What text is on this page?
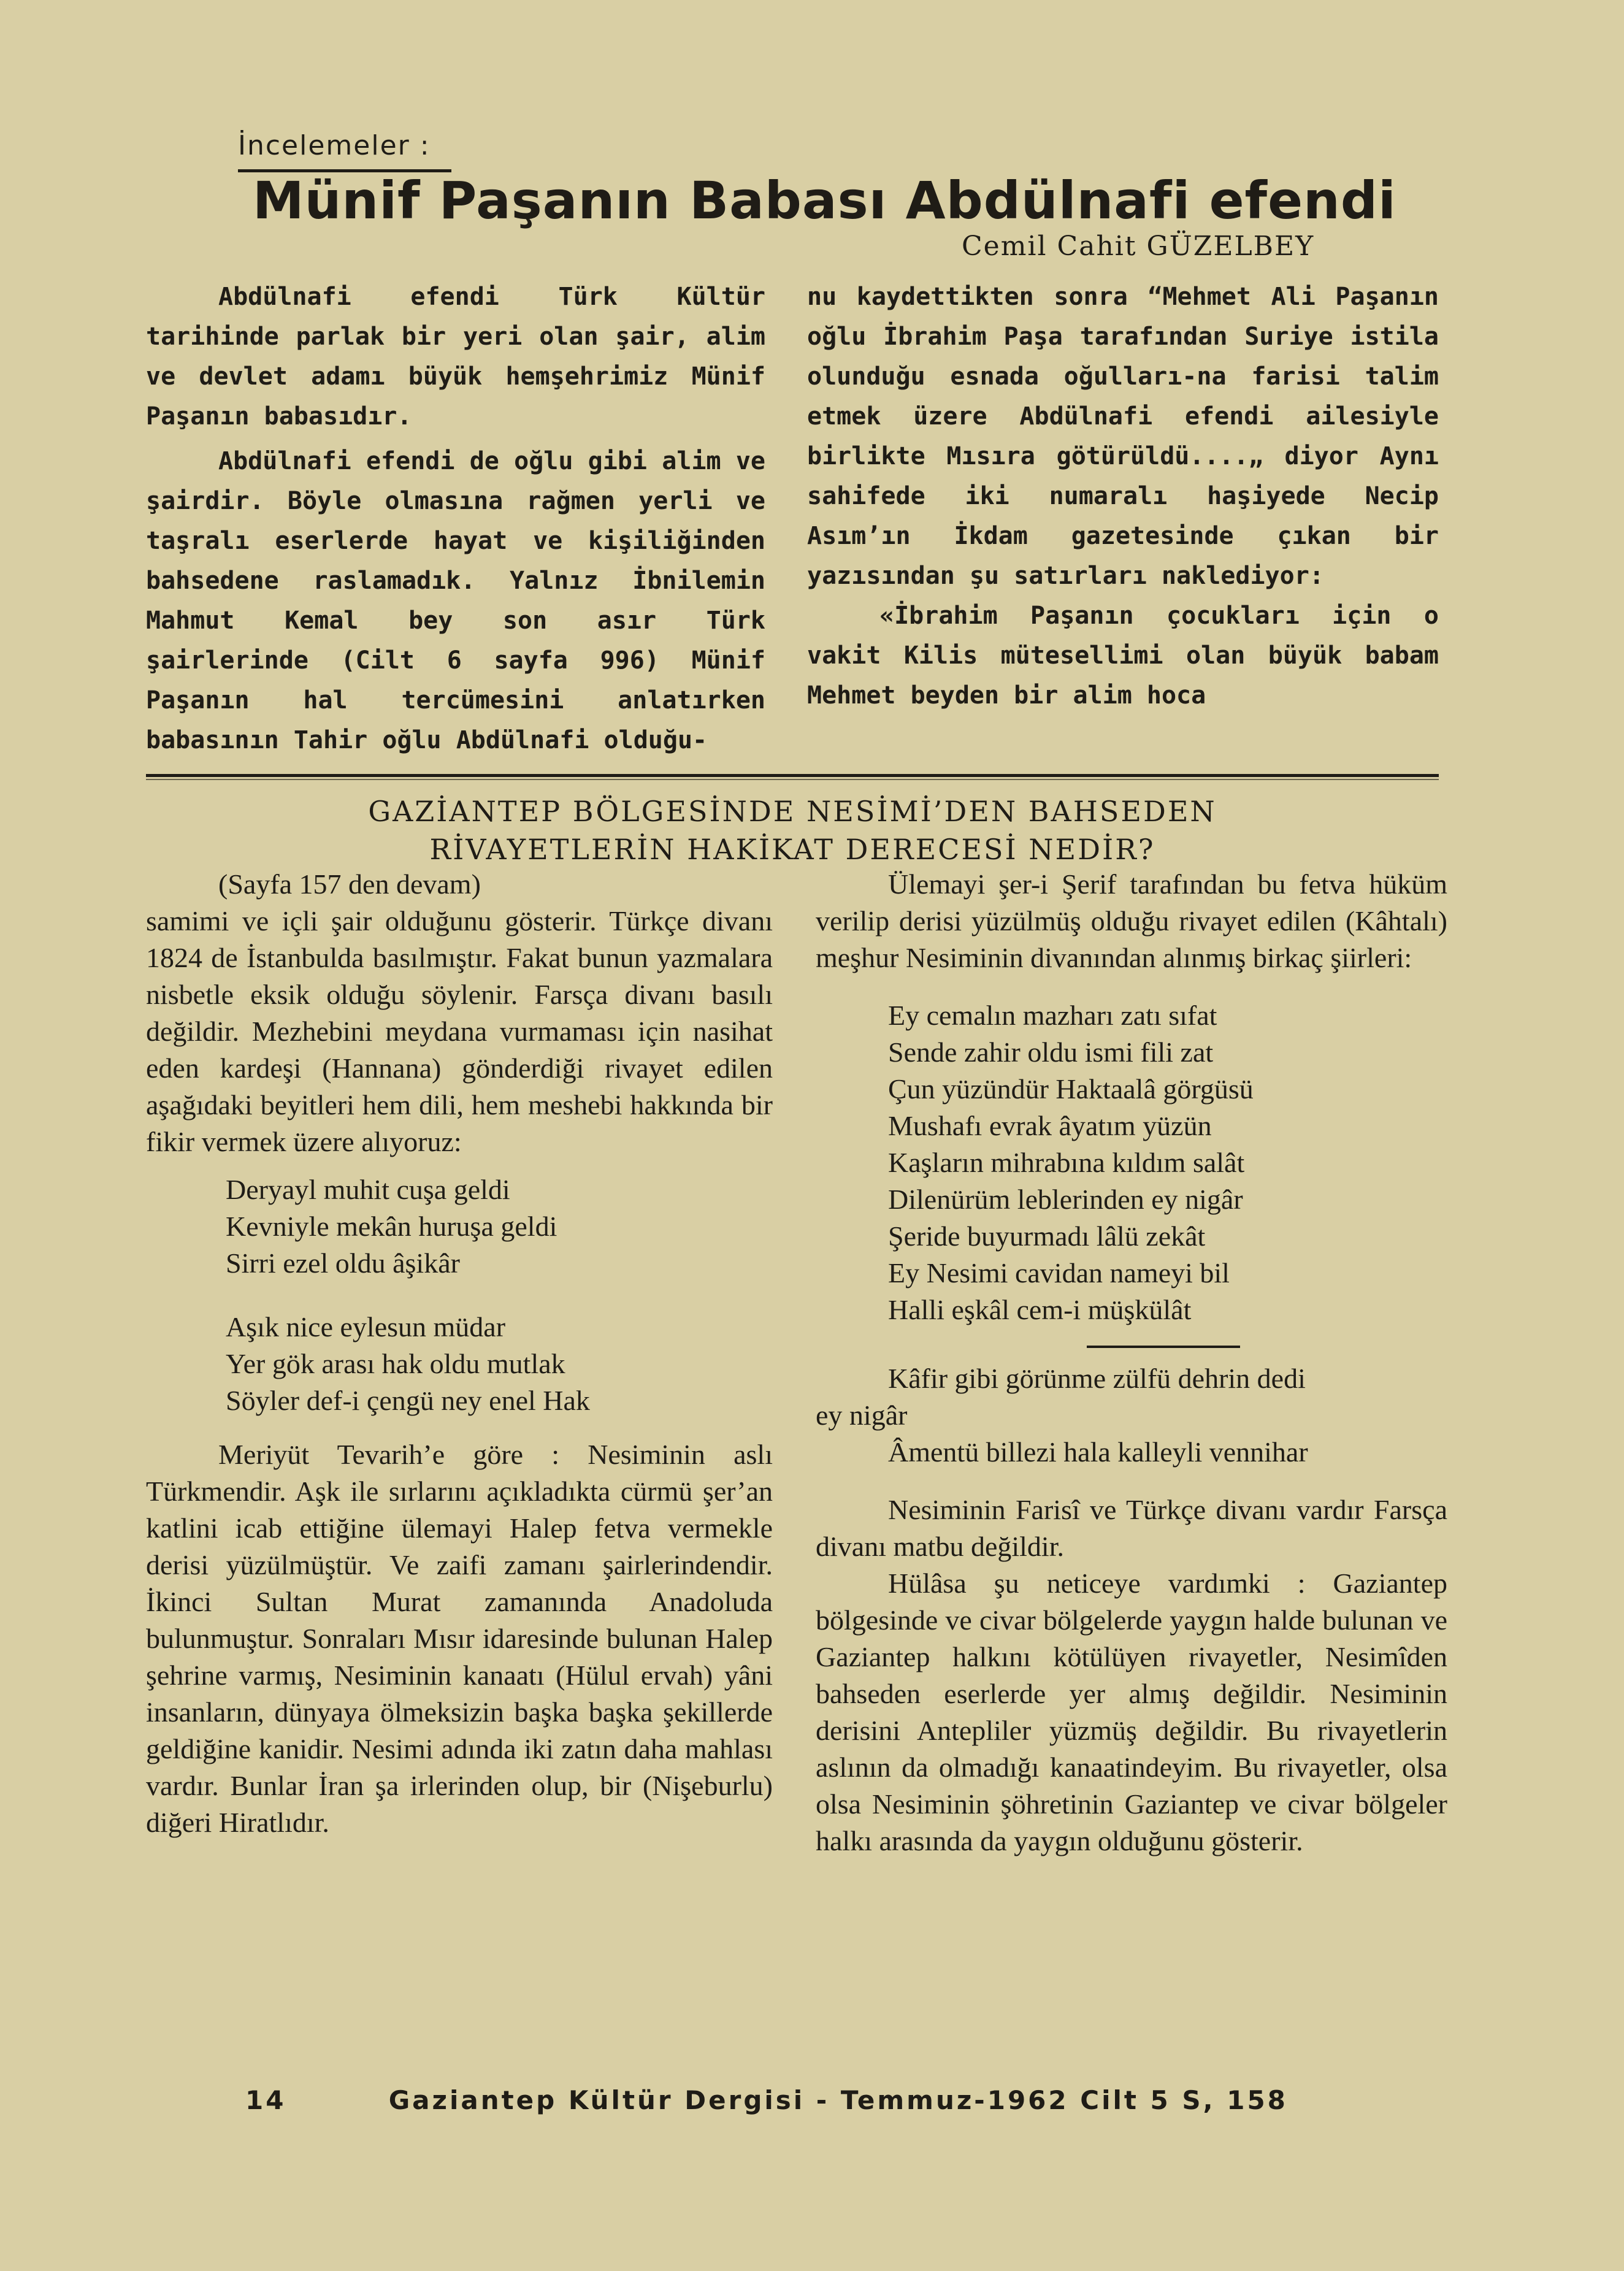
İncelemeler :
Münif Paşanın Babası Abdülnafi efendi
Cemil Cahit GÜZELBEY

Abdülnafi efendi Türk Kültür tarihinde parlak bir yeri olan şair, alim ve devlet adamı büyük hemşehrimiz Münif Paşanın babasıdır.

Abdülnafi efendi de oğlu gibi alim ve şairdir. Böyle olmasına rağmen yerli ve taşralı eserlerde hayat ve kişiliğinden bahsedene raslamadık. Yalnız İbnilemin Mahmut Kemal bey son asır Türk şairlerinde (Cilt 6 sayfa 996) Münif Paşanın hal tercümesini anlatırken babasının Tahir oğlu Abdülnafi olduğu-

nu kaydettikten sonra “Mehmet Ali Paşanın oğlu İbrahim Paşa tarafından Suriye istila olunduğu esnada oğulları-na farisi talim etmek üzere Abdülnafi efendi ailesiyle birlikte Mısıra götürüldü....„ diyor Aynı sahifede iki numaralı haşiyede Necip Asım’ın İkdam gazetesinde çıkan bir yazısından şu satırları naklediyor:

«İbrahim Paşanın çocukları için o vakit Kilis mütesellimi olan büyük babam Mehmet beyden bir alim hoca

GAZİANTEP BÖLGESİNDE NESİMİ’DEN BAHSEDEN
RİVAYETLERİN HAKİKAT DERECESİ NEDİR?

(Sayfa 157 den devam)

samimi ve içli şair olduğunu gösterir. Türkçe divanı 1824 de İstanbulda basılmıştır. Fakat bunun yazmalara nisbetle eksik olduğu söylenir. Farsça divanı basılı değildir. Mezhebini meydana vurmaması için nasihat eden kardeşi (Hannana) gönderdiği rivayet edilen aşağıdaki beyitleri hem dili, hem meshebi hakkında bir fikir vermek üzere alıyoruz:

Deryayl muhit cuşa geldi

Kevniyle mekân huruşa geldi

Sirri ezel oldu âşikâr

Aşık nice eylesun müdar

Yer gök arası hak oldu mutlak

Söyler def-i çengü ney enel Hak

Meriyüt Tevarih’e göre : Nesiminin aslı Türkmendir. Aşk ile sırlarını açıkladıkta cürmü şer’an katlini icab ettiğine ülemayi Halep fetva vermekle derisi yüzülmüştür. Ve zaifi zamanı şairlerindendir. İkinci Sultan Murat zamanında Anadoluda bulunmuştur. Sonraları Mısır idaresinde bulunan Halep şehrine varmış, Nesiminin kanaatı (Hülul ervah) yâni insanların, dünyaya ölmeksizin başka başka şekillerde geldiğine kanidir. Nesimi adında iki zatın daha mahlası vardır. Bunlar İran şa irlerinden olup, bir (Nişeburlu) diğeri Hiratlıdır.

Ülemayi şer-i Şerif tarafından bu fetva hüküm verilip derisi yüzülmüş olduğu rivayet edilen (Kâhtalı) meşhur Nesiminin divanından alınmış birkaç şiirleri:

Ey cemalın mazharı zatı sıfat

Sende zahir oldu ismi fili zat

Çun yüzündür Haktaalâ görgüsü

Mushafı evrak âyatım yüzün

Kaşların mihrabına kıldım salât

Dilenürüm leblerinden ey nigâr

Şeride buyurmadı lâlü zekât

Ey Nesimi cavidan nameyi bil

Halli eşkâl cem-i müşkülât

Kâfir gibi görünme zülfü dehrin dedi

ey nigâr

Âmentü billezi hala kalleyli vennihar

Nesiminin Farisî ve Türkçe divanı vardır Farsça divanı matbu değildir.

Hülâsa şu neticeye vardımki : Gaziantep bölgesinde ve civar bölgelerde yaygın halde bulunan ve Gaziantep halkını kötülüyen rivayetler, Nesimîden bahseden eserlerde yer almış değildir. Nesiminin derisini Antepliler yüzmüş değildir. Bu rivayetlerin aslının da olmadığı kanaatindeyim. Bu rivayetler, olsa olsa Nesiminin şöhretinin Gaziantep ve civar bölgeler halkı arasında da yaygın olduğunu gösterir.

14	Gaziantep Kültür Dergisi - Temmuz-1962 Cilt 5 S, 158
